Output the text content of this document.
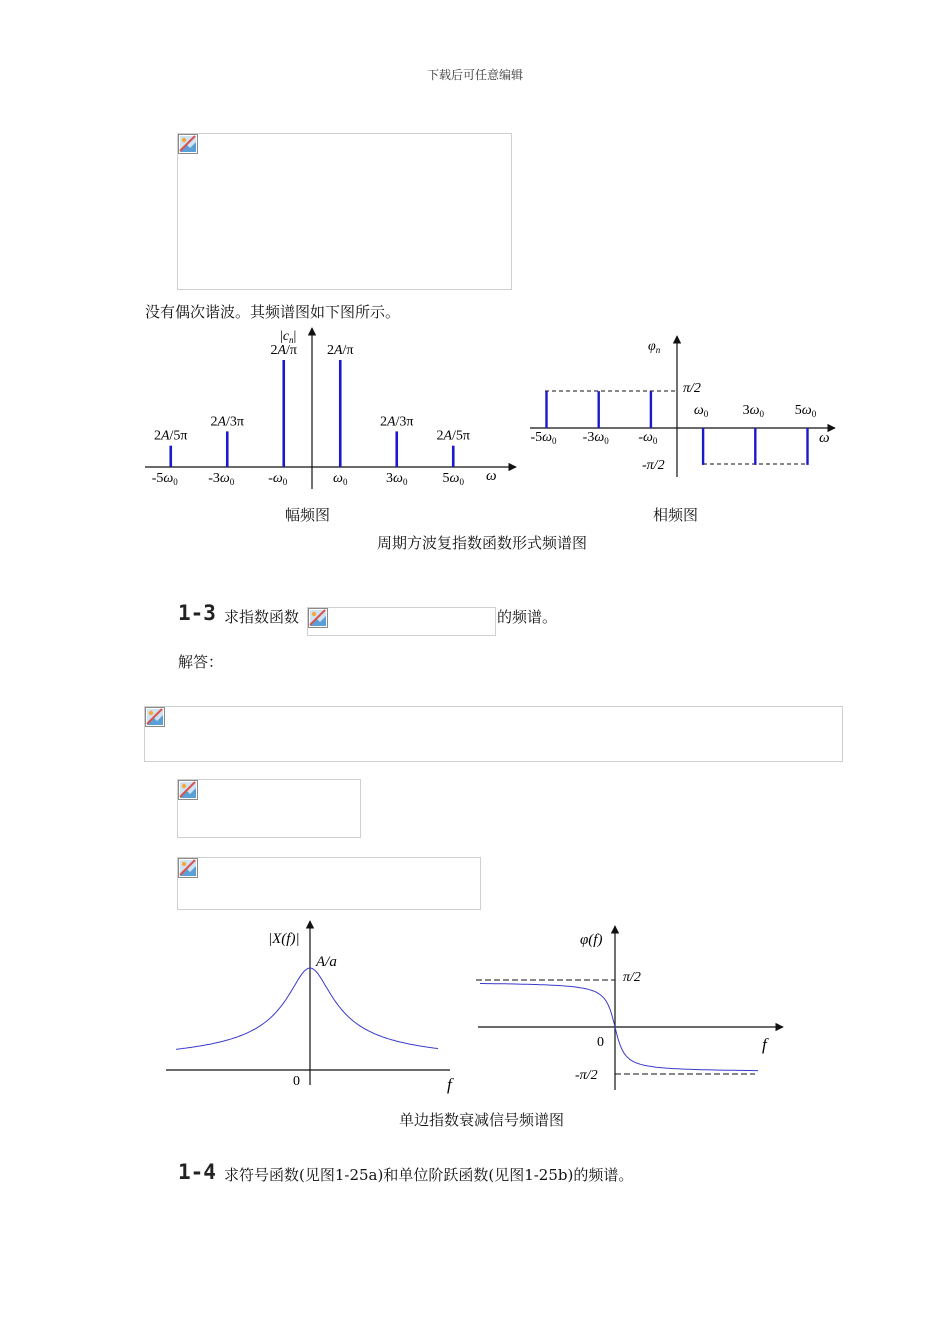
下载后可任意编辑
没有偶次谐波。其频谱图如下图所示。
$|c_n|$
ω
2A/5π
$-5\omega_0$
2A/3π
$-3\omega_0$
2A/π
$-\omega_0$
2A/π
$\omega_0$
2A/3π
$3\omega_0$
2A/5π
$5\omega_0$
$\varphi_n$
ω
π/2
-π/2
$-5\omega_0$ $-3\omega_0$ $-\omega_0$
$\omega_0$ $3\omega_0$ $5\omega_0$
幅频图	相频图
周期方波复指数函数形式频谱图
1-3 求指数函数	的频谱。
解答：
|X(f)|
A/a
0	f
φ(f)
π/2
-π/2
0	f
单边指数衰减信号频谱图
1-4 求符号函数(见图1-25a)和单位阶跃函数(见图1-25b)的频谱。
